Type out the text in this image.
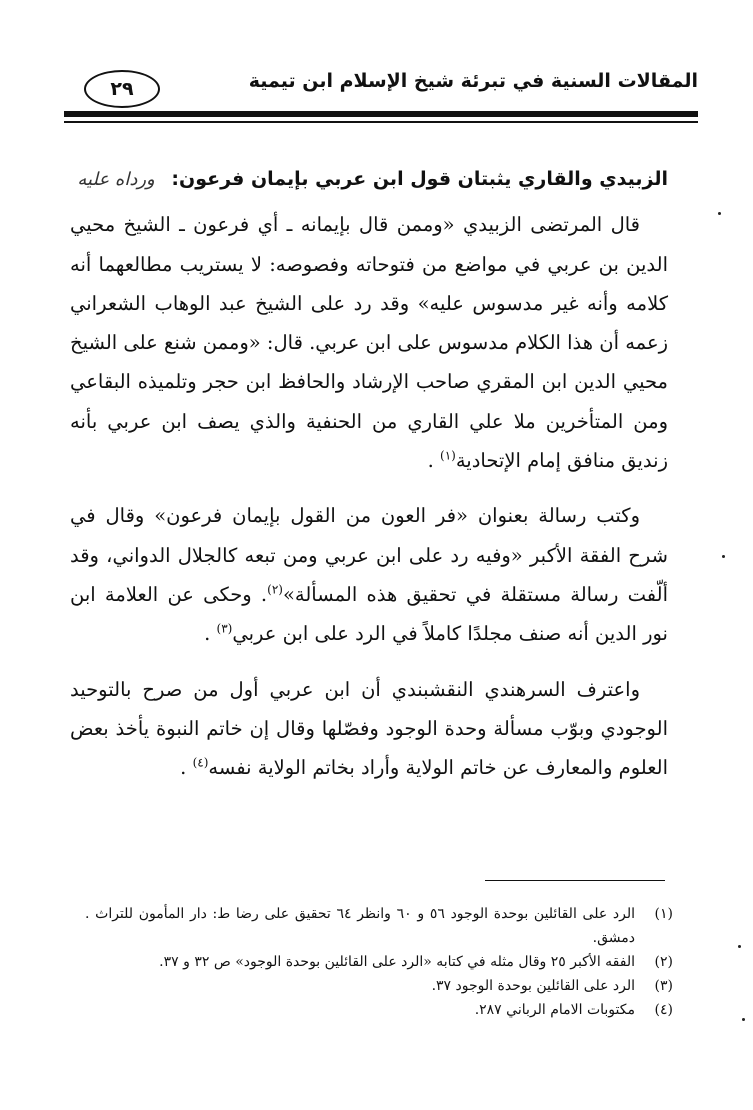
المقالات السنية في تبرئة شيخ الإسلام ابن تيمية
٢٩

الزبيدي والقاري يثبتان قول ابن عربي بإيمان فرعون: ورداه عليه

قال المرتضى الزبيدي «وممن قال بإيمانه ـ أي فرعون ـ الشيخ محيي الدين بن عربي في مواضع من فتوحاته وفصوصه: لا يستريب مطالعهما أنه كلامه وأنه غير مدسوس عليه» وقد رد على الشيخ عبد الوهاب الشعراني زعمه أن هذا الكلام مدسوس على ابن عربي. قال: «وممن شنع على الشيخ محيي الدين ابن المقري صاحب الإرشاد والحافظ ابن حجر وتلميذه البقاعي ومن المتأخرين ملا علي القاري من الحنفية والذي يصف ابن عربي بأنه زنديق منافق إمام الإتحادية$^{(١)}$ .

وكتب رسالة بعنوان «فر العون من القول بإيمان فرعون» وقال في شرح الفقة الأكبر «وفيه رد على ابن عربي ومن تبعه كالجلال الدواني، وقد ألّفت رسالة مستقلة في تحقيق هذه المسألة»$^{(٢)}$. وحكى عن العلامة ابن نور الدين أنه صنف مجلدًا كاملاً في الرد على ابن عربي$^{(٣)}$ .

واعترف السرهندي النقشبندي أن ابن عربي أول من صرح بالتوحيد الوجودي وبوّب مسألة وحدة الوجود وفصّلها وقال إن خاتم النبوة يأخذ بعض العلوم والمعارف عن خاتم الولاية وأراد بخاتم الولاية نفسه$^{(٤)}$ .

(١)
الرد على القائلين بوحدة الوجود ٥٦ و ٦٠ وانظر ٦٤ تحقيق على رضا ط: دار المأمون للتراث . دمشق.
(٢)
الفقه الأكبر ٢٥ وقال مثله في كتابه «الرد على القائلين بوحدة الوجود» ص ٣٢ و ٣٧.
(٣)
الرد على القائلين بوحدة الوجود ٣٧.
(٤)
مكتوبات الامام الرباني ٢٨٧.
